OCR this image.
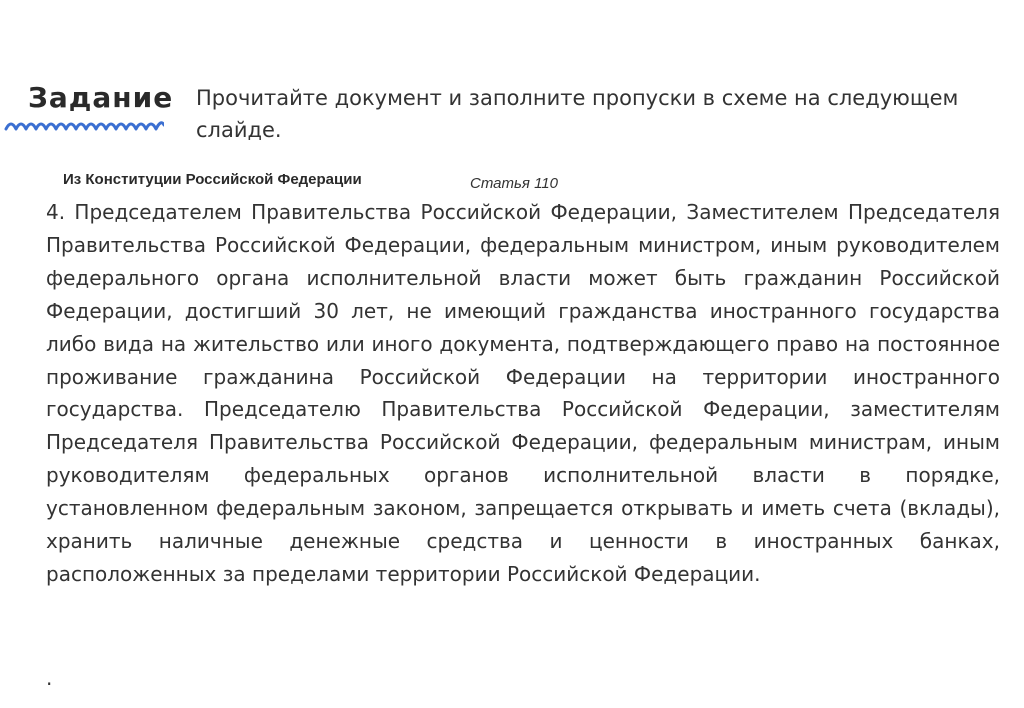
Задание Прочитайте документ и заполните пропуски в схеме на следующем слайде.

Из Конституции Российской Федерации	Статья 110

4. Председателем Правительства Российской Федерации, Заместителем Председателя Правительства Российской Федерации, федеральным министром, иным руководителем федерального органа исполнительной власти может быть гражданин Российской Федерации, достигший 30 лет, не имеющий гражданства иностранного государства либо вида на жительство или иного документа, подтверждающего право на постоянное проживание гражданина Российской Федерации на территории иностранного государства. Председателю Правительства Российской Федерации, заместителям Председателя Правительства Российской Федерации, федеральным министрам, иным руководителям федеральных органов исполнительной власти в порядке, установленном федеральным законом, запрещается открывать и иметь счета (вклады), хранить наличные денежные средства и ценности в иностранных банках, расположенных за пределами территории Российской Федерации.

.
